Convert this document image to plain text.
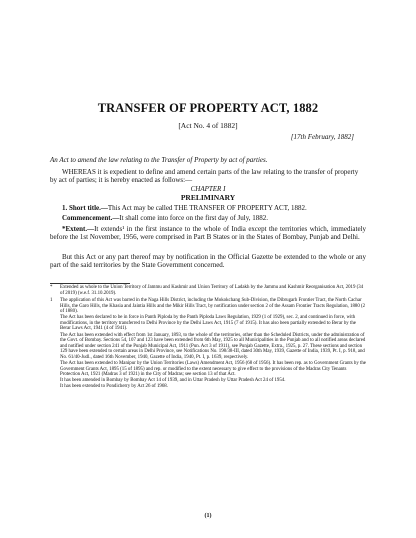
TRANSFER OF PROPERTY ACT, 1882
[Act No. 4 of 1882]
[17th February, 1882]
An Act to amend the law relating to the Transfer of Property by act of parties.
WHEREAS it is expedient to define and amend certain parts of the law relating to the transfer of property by act of parties; it is hereby enacted as follows:—
CHAPTER I
PRELIMINARY
1. Short title.—This Act may be called THE TRANSFER OF PROPERTY ACT, 1882.
Commencement.—It shall come into force on the first day of July, 1882.
*Extent.—It extends¹ in the first instance to the whole of India except the territories which, immediately before the 1st November, 1956, were comprised in Part B States or in the States of Bombay, Punjab and Delhi.
But this Act or any part thereof may by notification in the Official Gazette be extended to the whole or any part of the said territories by the State Government concerned.
*	Extended as whole to the Union Territory of Jammu and Kashmir and Union Territory of Ladakh by the Jammu and Kashmir Reorganisation Act, 2019 (34 of 2019) (w.e.f. 31.10.2019).
1	The application of this Act was barred in the Naga Hills District, including the Mokokchang Sub-Division, the Dibrugarh Frontier Tract, the North Cachar Hills, the Garo Hills, the Khasia and Jaintia Hills and the Mikir Hills Tract, by notification under section 2 of the Assam Frontier Tracts Regulation, 1880 (2 of 1880).

The Act has been declared to be in force in Panth Piploda by the Panth Piploda Laws Regulation, 1929 (1 of 1929), sec. 2, and continued in force, with modifications, in the territory transferred to Delhi Province by the Delhi Laws Act, 1915 (7 of 1915). It has also been partially extended to Berar by the Berar Laws Act, 1941 (4 of 1941).

The Act has been extended with effect from 1st January, 1893, to the whole of the territories, other than the Scheduled Districts, under the administration of the Govt. of Bombay. Sections 54, 107 and 123 have been extended from 6th May, 1925 to all Municipalities in the Punjab and to all notified areas declared and notified under section 241 of the Punjab Municipal Act, 1911 (Pun. Act 3 of 1911), see Punjab Gazette, Extra., 1925, p. 27. These sections and section 129 have been extended to certain areas in Delhi Province, see Notifications No. 198/38-III, dated 30th May, 1939, Gazette of India, 1939, Pt. I, p. 918, and No. 61/40-Judl., dated 16th November, 1940, Gazette of India, 1940, Pt. I, p. 1639, respectively.

The Act has been extended to Manipur by the Union Territories (Laws) Amendment Act, 1956 (68 of 1956). It has been rep. as to Government Grants by the Government Grants Act, 1895 (15 of 1895) and rep. or modified to the extent necessary to give effect to the provisions of the Madras City Tenants Protection Act, 1921 (Madras 3 of 1921) in the City of Madras; see section 13 of that Act.

It has been amended in Bombay by Bombay Act 14 of 1939, and in Uttar Pradesh by Uttar Pradesh Act 24 of 1954.

It has been extended to Pondicherry by Act 26 of 1968.

(1)
